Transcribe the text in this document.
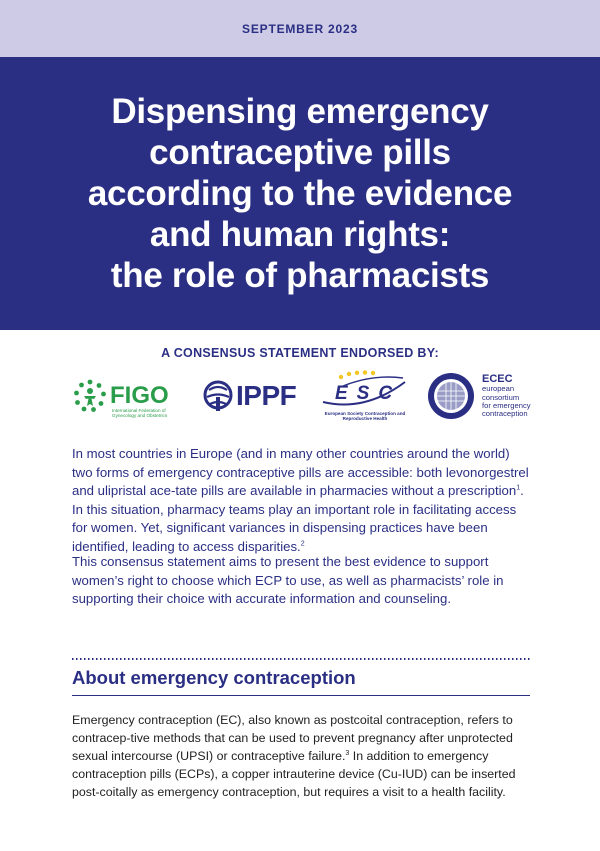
SEPTEMBER 2023
Dispensing emergency
contraceptive pills
according to the evidence
and human rights:
the role of pharmacists
A CONSENSUS STATEMENT ENDORSED BY:
FIGO
International Federation of Gynecology and Obstetrics
IPPF ESC
European Society Contraception and Reproductive Health
ECEC
european
consortium
for emergency
contraception

In most countries in Europe (and in many other countries around the world) two forms of emergency contraceptive pills are accessible: both levonorgestrel and ulipristal ace-tate pills are available in pharmacies without a prescription$^1$. In this situation, pharmacy teams play an important role in facilitating access for women. Yet, significant variances in dispensing practices have been identified, leading to access disparities.$^2$

This consensus statement aims to present the best evidence to support women’s right to choose which ECP to use, as well as pharmacists’ role in supporting their choice with accurate information and counseling.

About emergency contraception

Emergency contraception (EC), also known as postcoital contraception, refers to contracep-tive methods that can be used to prevent pregnancy after unprotected sexual intercourse (UPSI) or contraceptive failure.$^3$ In addition to emergency contraception pills (ECPs), a copper intrauterine device (Cu-IUD) can be inserted post-coitally as emergency contraception, but requires a visit to a health facility.
